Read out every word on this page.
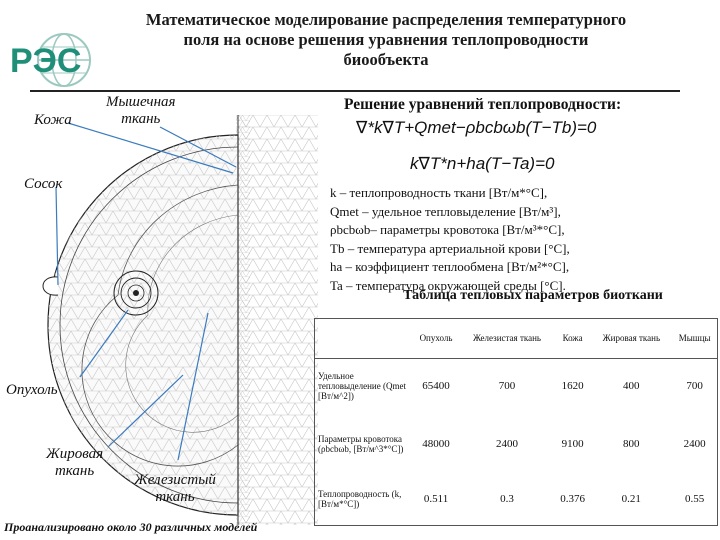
РЭС
Математическое моделирование распределения температурного
поля на основе решения уравнения теплопроводности
биообъекта
Кожа
Мышечная
ткань
Сосок
Опухоль
Жировая
ткань
Железистый
ткань
Решение уравнений теплопроводности:
∇*k∇T+Qmet−ρbcbωb(T−Tb)=0
k∇T*n+ha(T−Ta)=0
k – теплопроводность ткани [Вт/м*°С],
Qmet – удельное тепловыделение [Вт/м³],
ρbcbωb– параметры кровотока [Вт/м³*°С],
Tb – температура артериальной крови [°С],
ha – коэффициент теплообмена [Вт/м²*°С],
Ta – температура окружающей среды [°С].
Таблица тепловых параметров биоткани
	Опухоль	Железистая ткань	Кожа	Жировая ткань	Мышцы
Удельное тепловыделение (Qmet [Вт/м^2])	65400	700	1620	400	700
Параметры кровотока (ρbcbωb, [Вт/м^3*°С])	48000	2400	9100	800	2400
Теплопроводность (k,[Вт/м*°С])	0.511	0.3	0.376	0.21	0.55
Проанализировано около 30 различных моделей
